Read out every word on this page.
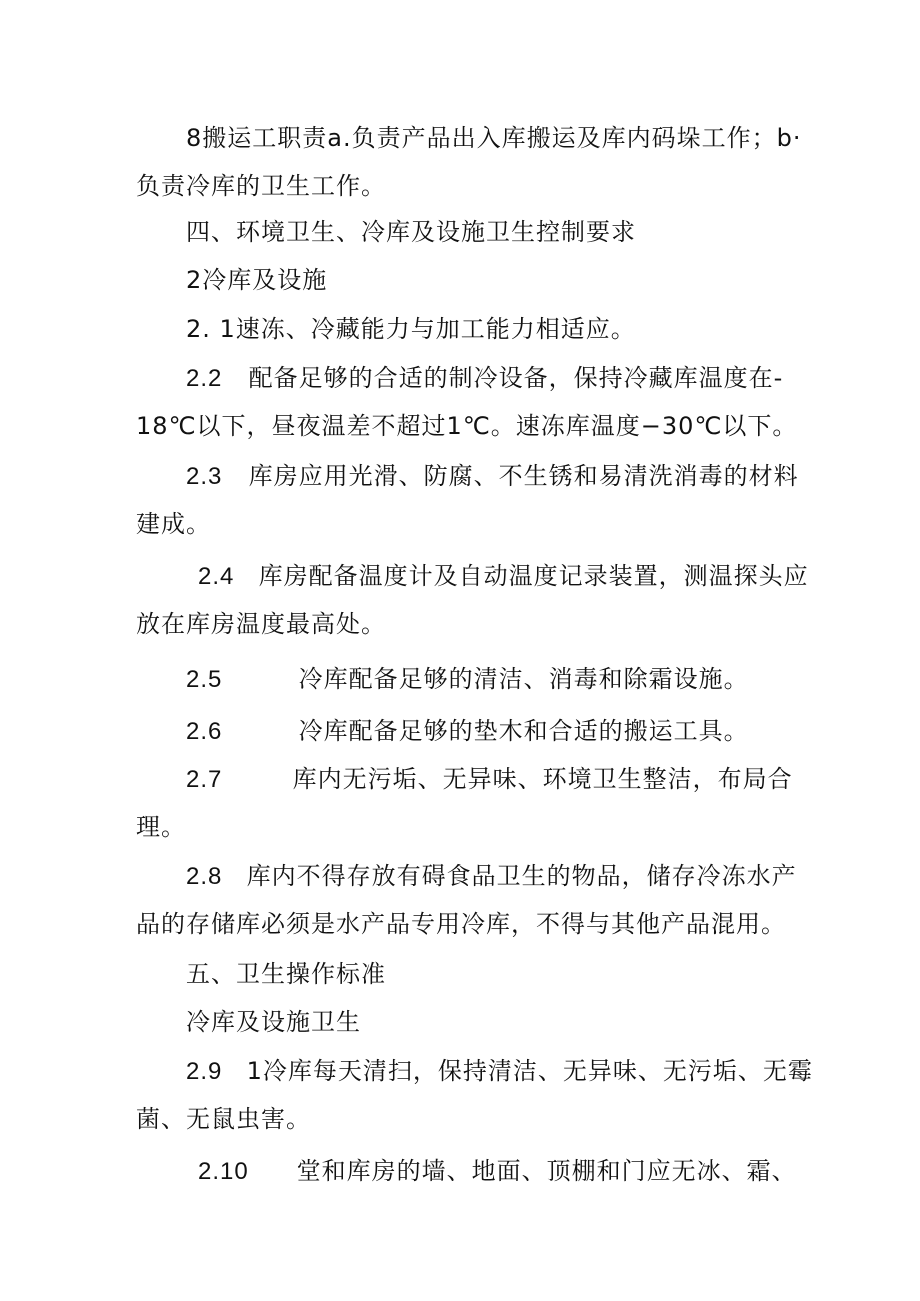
8搬运工职责a.负责产品出入库搬运及库内码垛工作；b·
负责冷库的卫生工作。
四、环境卫生、冷库及设施卫生控制要求
2冷库及设施
2. 1速冻、冷藏能力与加工能力相适应。
2.2 配备足够的合适的制冷设备，保持冷藏库温度在-
18℃以下，昼夜温差不超过1℃。速冻库温度−30℃以下。
2.3 库房应用光滑、防腐、不生锈和易清洗消毒的材料
建成。
2.4 库房配备温度计及自动温度记录装置，测温探头应
放在库房温度最高处。
2.5	冷库配备足够的清洁、消毒和除霜设施。
2.6	冷库配备足够的垫木和合适的搬运工具。
2.7	库内无污垢、无异味、环境卫生整洁，布局合
理。
2.8 库内不得存放有碍食品卫生的物品，储存冷冻水产
品的存储库必须是水产品专用冷库，不得与其他产品混用。
五、卫生操作标准
冷库及设施卫生
2.9 1冷库每天清扫，保持清洁、无异味、无污垢、无霉
菌、无鼠虫害。
2.10 堂和库房的墙、地面、顶棚和门应无冰、霜、
